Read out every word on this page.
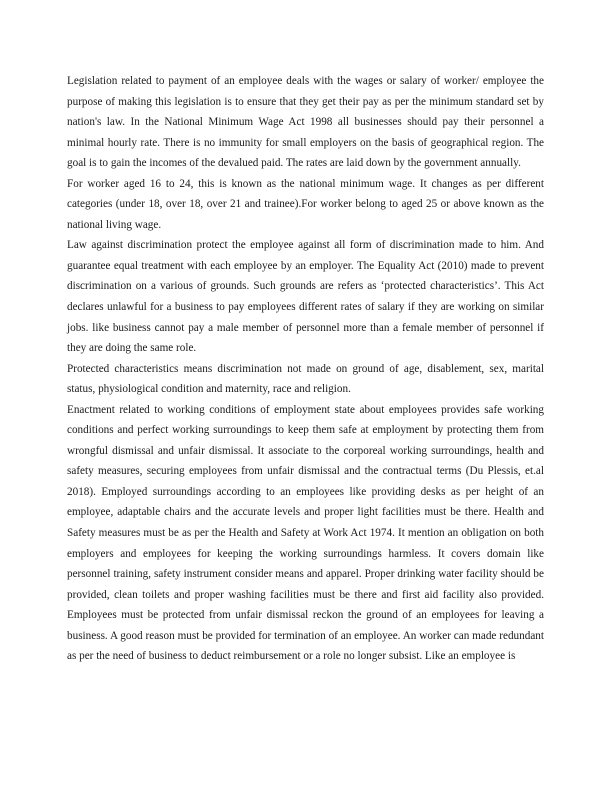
Legislation related to payment of an employee deals with the wages or salary of worker/ employee the purpose of making this legislation is to ensure that they get their pay as per the minimum standard set by nation's law. In the National Minimum Wage Act 1998 all businesses should pay their personnel a minimal hourly rate. There is no immunity for small employers on the basis of geographical region. The goal is to gain the incomes of the devalued paid. The rates are laid down by the government annually.

For worker aged 16 to 24, this is known as the national minimum wage. It changes as per different categories (under 18, over 18, over 21 and trainee).For worker belong to aged 25 or above known as the national living wage.

Law against discrimination protect the employee against all form of discrimination made to him. And guarantee equal treatment with each employee by an employer. The Equality Act (2010) made to prevent discrimination on a various of grounds. Such grounds are refers as ‘protected characteristics’. This Act declares unlawful for a business to pay employees different rates of salary if they are working on similar jobs. like business cannot pay a male member of personnel more than a female member of personnel if they are doing the same role.

Protected characteristics means discrimination not made on ground of age, disablement, sex, marital status, physiological condition and maternity, race and religion.

Enactment related to working conditions of employment state about employees provides safe working conditions and perfect working surroundings to keep them safe at employment by protecting them from wrongful dismissal and unfair dismissal. It associate to the corporeal working surroundings, health and safety measures, securing employees from unfair dismissal and the contractual terms (Du Plessis, et.al 2018). Employed surroundings according to an employees like providing desks as per height of an employee, adaptable chairs and the accurate levels and proper light facilities must be there. Health and Safety measures must be as per the Health and Safety at Work Act 1974. It mention an obligation on both employers and employees for keeping the working surroundings harmless. It covers domain like personnel training, safety instrument consider means and apparel. Proper drinking water facility should be provided, clean toilets and proper washing facilities must be there and first aid facility also provided. Employees must be protected from unfair dismissal reckon the ground of an employees for leaving a business. A good reason must be provided for termination of an employee. An worker can made redundant as per the need of business to deduct reimbursement or a role no longer subsist. Like an employee is
